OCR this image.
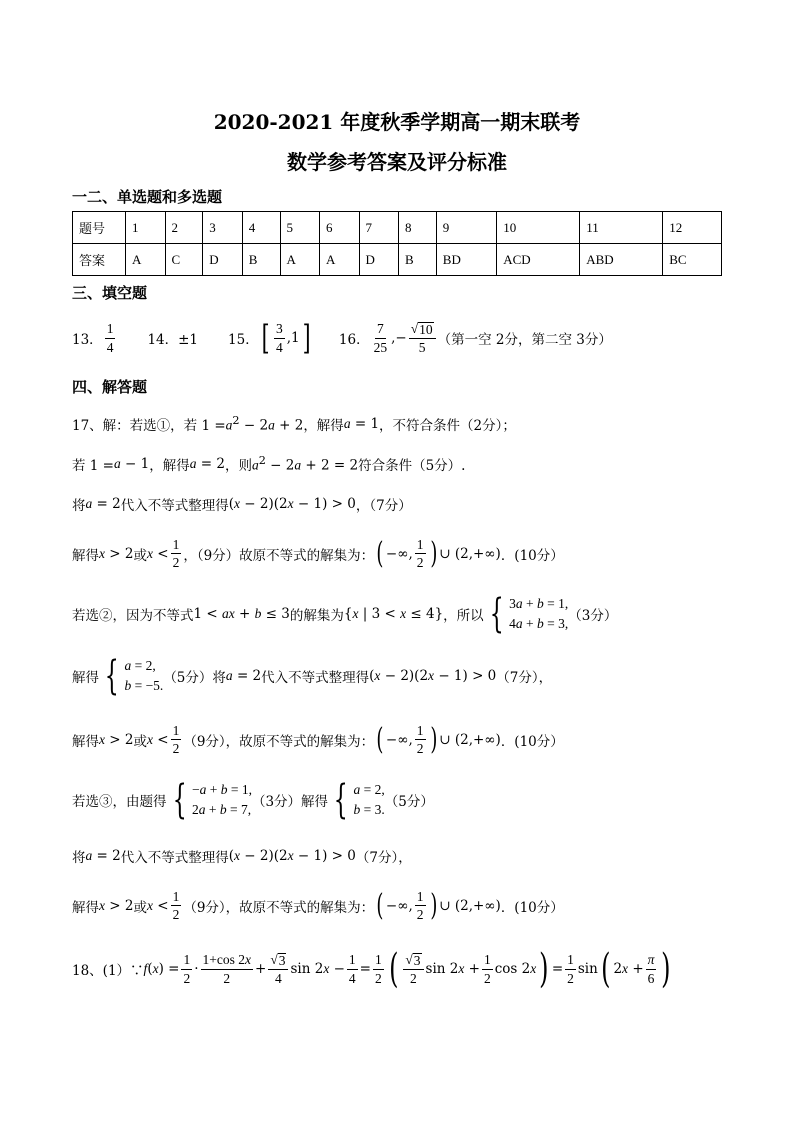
2020-2021 年度秋季学期高一期末联考
数学参考答案及评分标准
一二、单选题和多选题
题号	1	2	3	4	5	6	7	8	9	10	11	12
答案	A	C	D	B	A	A	D	B	BD	ACD	ABD	BC
三、填空题
13． $\frac{1}{4} 14$．±1 15． [ $\frac{3}{4} ,1$ ] 16． $\frac{7}{25}$ ,− $\frac{√ 10}{5}$ （第一空 2分，第二空 3分）
四、解答题
17、解：若选①，若 $1 = a^2 - 2a + 2$ ，解得 a = 1 ，不符合条件（2分）；
若 1 = a − 1 ，解得 a = 2 ，则 $a^2 - 2a + 2 = 2$ 符合条件（5分）.
将 a = 2 代入不等式整理得 (x − 2)(2x − 1) > 0 ，（7分）
解得 x > 2 或 $x < \frac{1}{2}$ ，（9分）故原不等式的解集为： ( −∞, $\frac{1}{2}$ ) ∪ (2,+∞) ．(10分）
若选②，因为不等式 1 < ax + b ≤ 3 的解集为 {x | 3 < x ≤ 4} ，所以 { 3a + b = 1,
4a + b = 3, （3分）
解得 { a = 2,
b = −5. （5分）将 a = 2 代入不等式整理得 (x − 2)(2x − 1) > 0 （7分），
解得 x > 2 或 $x < \frac{1}{2} (9$分），故原不等式的解集为： ( −∞, $\frac{1}{2}$ ) ∪ (2,+∞) ．(10分）
若选③，由题得 { −a + b = 1,
2a + b = 7, （3分）解得 { a = 2,
b = 3. （5分）
将 a = 2 代入不等式整理得 (x − 2)(2x − 1) > 0 （7分），
解得 x > 2 或 $x < \frac{1}{2} (9$分），故原不等式的解集为： ( −∞, $\frac{1}{2}$ ) ∪ (2,+∞) ．(10分）
18、(1）∵ $f(x) = \frac{1}{2} \cdot \frac{1+\cos 2x}{2} + \frac{√ 3}{4}$ $\sin 2x - \frac{1}{4} = \frac{1}{2}$ ( $\frac{√ 3}{2}$ $\sin 2x + \frac{1}{2}$ cos 2x ) = $\frac{1}{2}$ sin ( $2x + \frac{\pi}{6}$ )
